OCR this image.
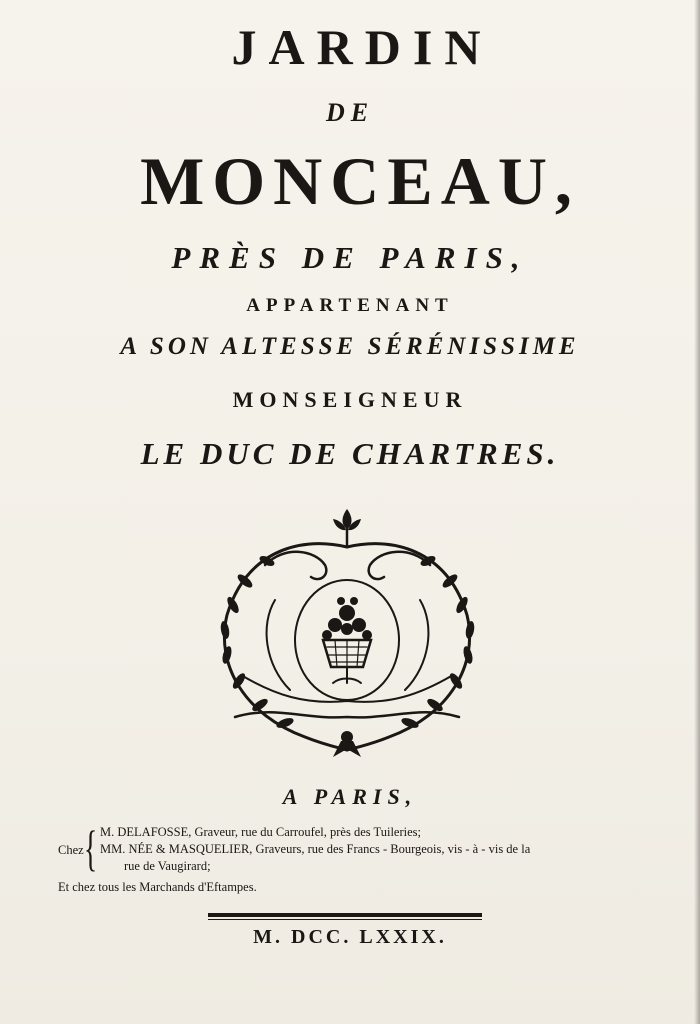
JARDIN
DE
MONCEAU,
PRÈS DE PARIS,
APPARTENANT
A SON ALTESSE SÉRÉNISSIME
MONSEIGNEUR
LE DUC DE CHARTRES.
A PARIS,
Chez { M. DELAFOSSE, Graveur, rue du Carroufel, près des Tuileries;
MM. NÉE & MASQUELIER, Graveurs, rue des Francs - Bourgeois, vis - à - vis de la
rue de Vaugirard;
Et chez tous les Marchands d'Eftampes.
M. DCC. LXXIX.
